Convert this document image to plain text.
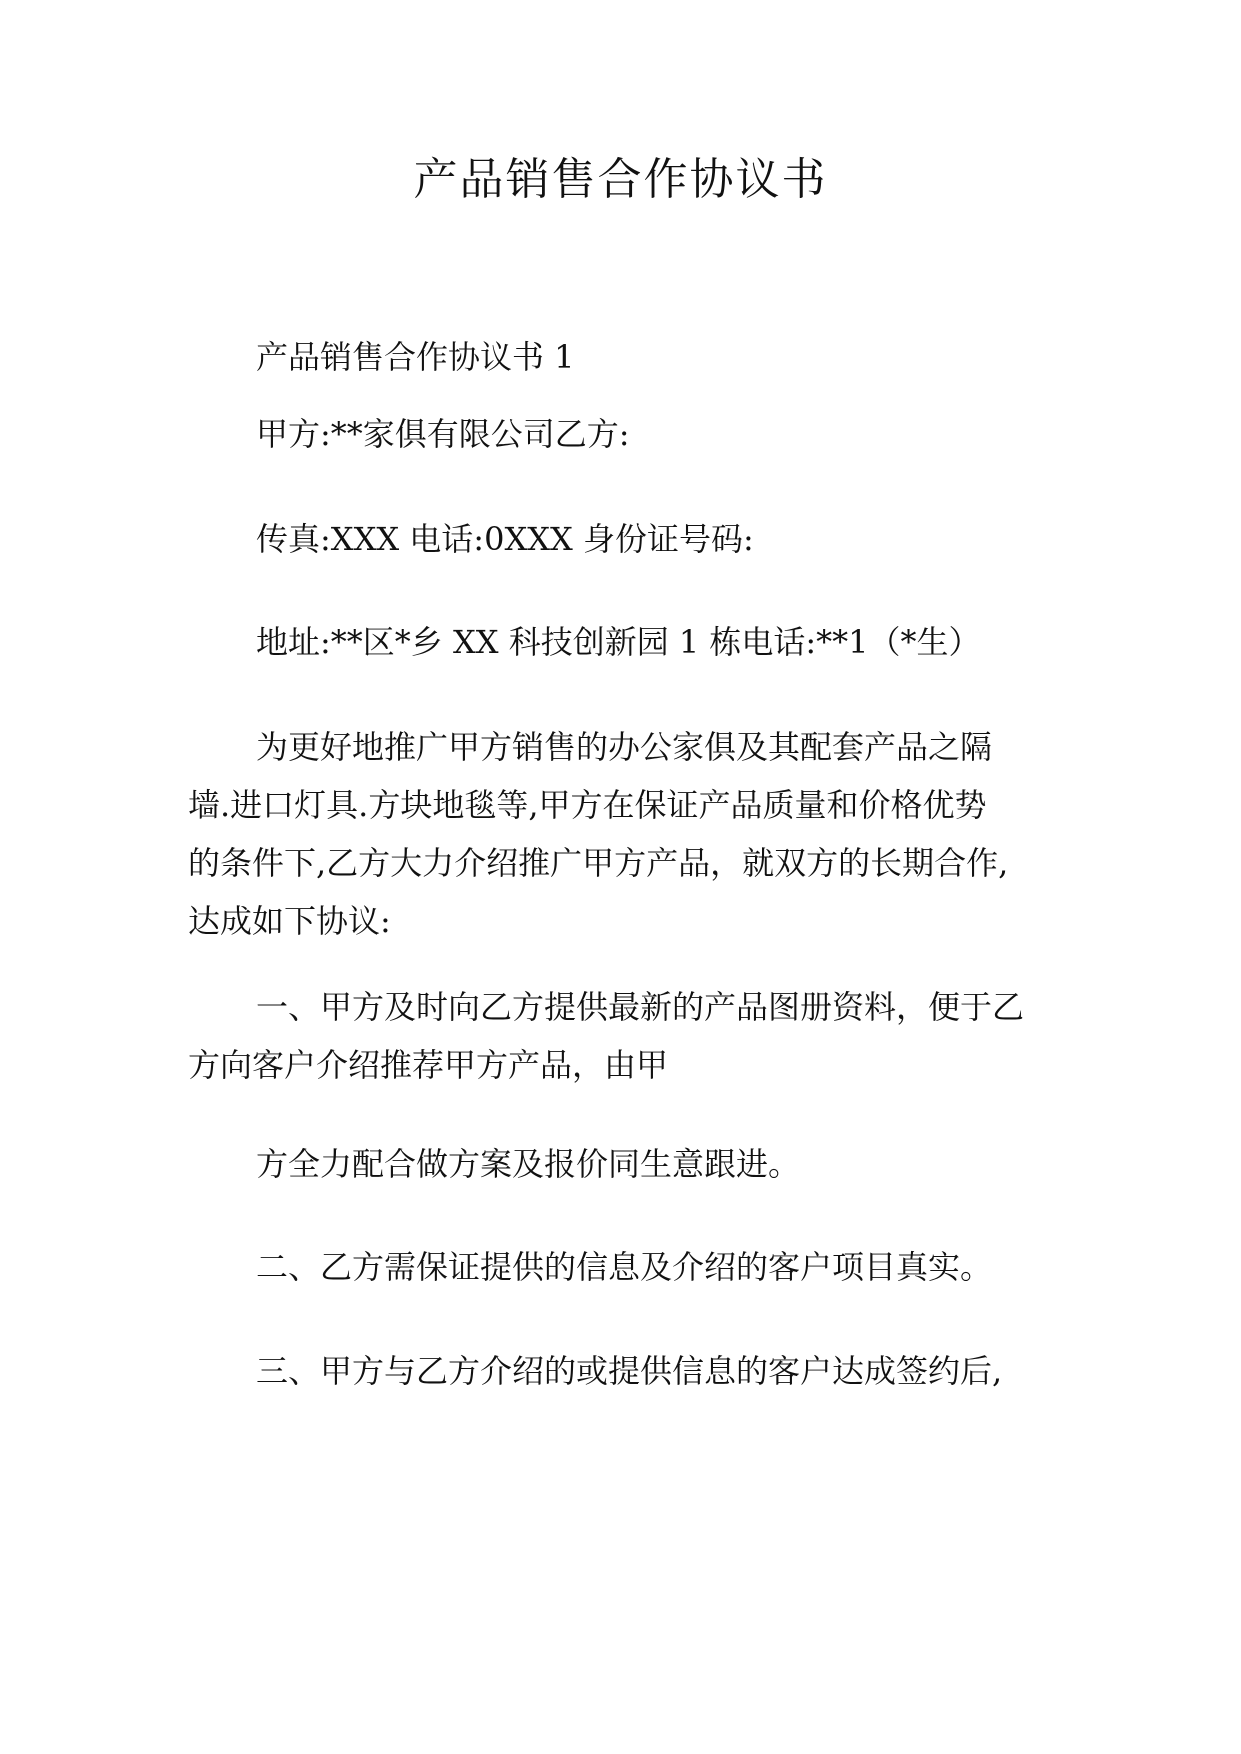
产品销售合作协议书

产品销售合作协议书 1

甲方:**家俱有限公司乙方:

传真:XXX 电话:0XXX 身份证号码:

地址:**区*乡 XX 科技创新园 1 栋电话:**1（*生）

为更好地推广甲方销售的办公家俱及其配套产品之隔
墙.进口灯具.方块地毯等,甲方在保证产品质量和价格优势
的条件下,乙方大力介绍推广甲方产品，就双方的长期合作,
达成如下协议:
一、甲方及时向乙方提供最新的产品图册资料，便于乙
方向客户介绍推荐甲方产品，由甲

方全力配合做方案及报价同生意跟进。

二、乙方需保证提供的信息及介绍的客户项目真实。

三、甲方与乙方介绍的或提供信息的客户达成签约后,
